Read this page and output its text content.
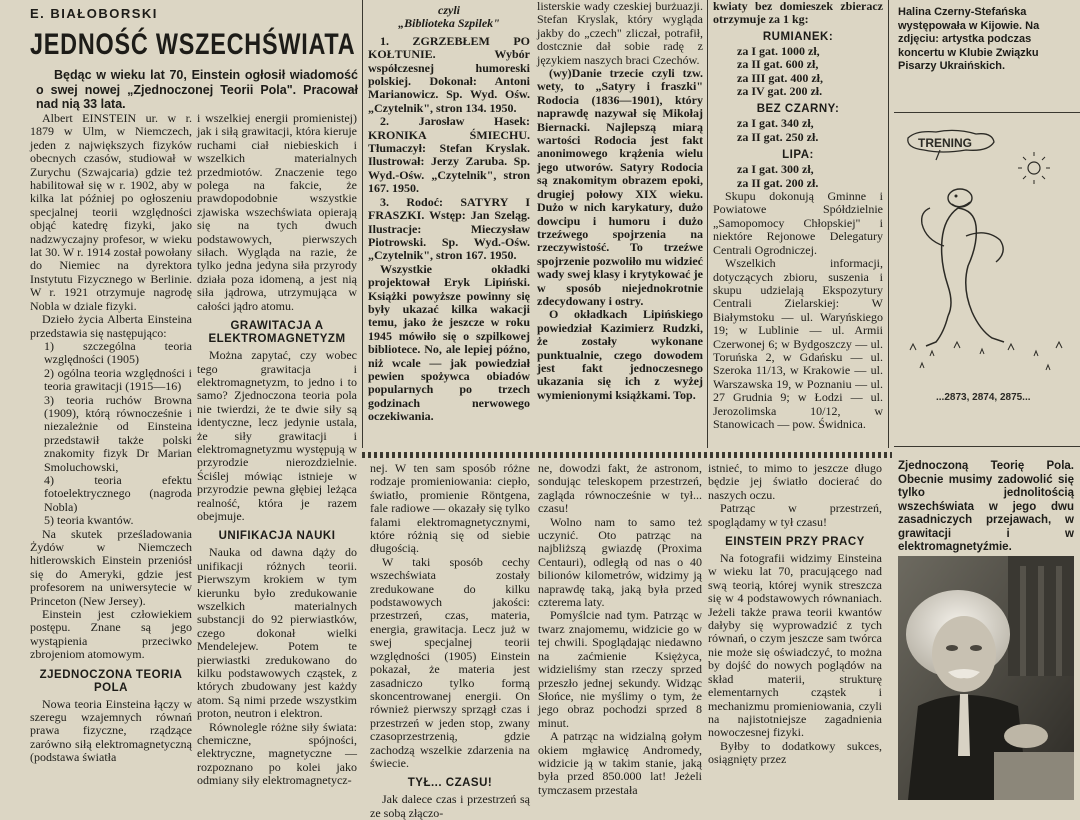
E. BIAŁOBORSKI
JEDNOŚĆ WSZECHŚWIATA
Będąc w wieku lat 70, Einstein ogłosił wiadomość o swej nowej „Zjednoczonej Teorii Pola". Pracował nad nią 33 lata.

Albert EINSTEIN ur. w r. 1879 w Ulm, w Niemczech, jeden z największych fizyków obecnych czasów, studiował w Zurychu (Szwajcaria) gdzie też habilitował się w r. 1902, aby w kilka lat później po ogłoszeniu specjalnej teorii względności objąć katedrę fizyki, jako nadzwyczajny profesor, w wieku lat 30. W r. 1914 został powołany do Niemiec na dyrektora Instytutu Fizycznego w Berlinie. W r. 1921 otrzymuje nagrodę Nobla w dziale fizyki.

Dzieło życia Alberta Einsteina przedstawia się następująco:

1) szczególna teoria względności (1905)

2) ogólna teoria względności i teoria grawitacji (1915—16)

3) teoria ruchów Browna (1909), którą równocześnie i niezależnie od Einsteina przedstawił także polski znakomity fizyk Dr Marian Smoluchowski,

4) teoria efektu fotoelektrycznego (nagroda Nobla)

5) teoria kwantów.

Na skutek prześladowania Żydów w Niemczech hitlerowskich Einstein przeniósł się do Ameryki, gdzie jest profesorem na uniwersytecie w Princeton (New Jersey).

Einstein jest człowiekiem postępu. Znane są jego wystąpienia przeciwko zbrojeniom atomowym.

ZJEDNOCZONA TEORIA POLA

Nowa teoria Einsteina łączy w szeregu wzajemnych równań prawa fizyczne, rządzące zarówno siłą elektromagnetyczną (podstawa światła

i wszelkiej energii promienistej) jak i siłą grawitacji, która kieruje ruchami ciał niebieskich i wszelkich materialnych przedmiotów. Znaczenie tego polega na fakcie, że prawdopodobnie wszystkie zjawiska wszechświata opierają się na tych dwuch podstawowych, pierwszych siłach. Wygląda na razie, że tylko jedna jedyna siła przyrody działa poza idomeną, a jest nią siła jądrowa, utrzymująca w całości jądro atomu.

GRAWITACJA A ELEKTROMAGNETYZM

Można zapytać, czy wobec tego grawitacja i elektromagnetyzm, to jedno i to samo? Zjednoczona teoria pola nie twierdzi, że te dwie siły są identyczne, lecz jedynie ustala, że siły grawitacji i elektromagnetyzmu występują w przyrodzie nierozdzielnie. Ściślej mówiąc istnieje w przyrodzie pewna głębiej leżąca realność, która je razem obejmuje.

UNIFIKACJA NAUKI

Nauka od dawna dąży do unifikacji różnych teorii. Pierwszym krokiem w tym kierunku było zredukowanie wszelkich materialnych substancji do 92 pierwiastków, czego dokonał wielki Mendelejew. Potem te pierwiastki zredukowano do kilku podstawowych cząstek, z których zbudowany jest każdy atom. Są nimi przede wszystkim proton, neutron i elektron.

Równolegle różne siły świata: chemiczne, spójności, elektryczne, magnetyczne — rozpoznano po kolei jako odmiany siły elektromagnetycz-

czyli
„Biblioteka Szpilek"

1. ZGRZEBŁEM PO KOŁTUNIE. Wybór współczesnej humoreski polskiej. Dokonał: Antoni Marianowicz. Sp. Wyd. Ośw. „Czytelnik", stron 134. 1950.

2. Jarosław Hasek: KRONIKA ŚMIECHU. Tłumaczył: Stefan Kryslak. Ilustrował: Jerzy Zaruba. Sp. Wyd.-Ośw. „Czytelnik", stron 167. 1950.

3. Rodoć: SATYRY I FRASZKI. Wstęp: Jan Szeląg. Ilustracje: Mieczysław Piotrowski. Sp. Wyd.-Ośw. „Czytelnik", stron 167. 1950.

Wszystkie okładki projektował Eryk Lipiński. Książki powyższe powinny się były ukazać kilka wakacji temu, jako że jeszcze w roku 1945 mówiło się o szpilkowej bibliotece. No, ale lepiej późno, niż wcale — jak powiedział pewien spożywca obiadów popularnych po trzech godzinach nerwowego oczekiwania.

listerskie wady czeskiej burżuazji. Stefan Kryslak, który wygląda jakby do „czech" zliczał, potrafił, dostcznie dał sobie radę z językiem naszych braci Czechów.

(wy)Danie trzecie czyli tzw. wety, to „Satyry i fraszki" Rodocia (1836—1901), który naprawdę nazywał się Mikołaj Biernacki. Najlepszą miarą wartości Rodocia jest fakt anonimowego krążenia wielu jego utworów. Satyry Rodocia są znakomitym obrazem epoki, drugiej połowy XIX wieku. Dużo w nich karykatury, dużo dowcipu i humoru i dużo trzeźwego spojrzenia na rzeczywistość. To trzeźwe spojrzenie pozwoliło mu widzieć wady swej klasy i krytykować je w sposób niejednokrotnie zdecydowany i ostry.

O okładkach Lipińskiego powiedział Kazimierz Rudzki, że zostały wykonane punktualnie, czego dowodem jest fakt jednoczesnego ukazania się ich z wyżej wymienionymi książkami. Top.

kwiaty bez domieszek zbieracz otrzymuje za 1 kg:

RUMIANEK:
za I gat. 1000 zł,
za II gat. 600 zł,
za III gat. 400 zł,
za IV gat. 200 zł.
BEZ CZARNY:
za I gat. 340 zł,
za II gat. 250 zł.
LIPA:
za I gat. 300 zł,
za II gat. 200 zł.

Skupu dokonują Gminne i Powiatowe Spółdzielnie „Samopomocy Chłopskiej" i niektóre Rejonowe Delegatury Centrali Ogrodniczej.

Wszelkich informacji, dotyczących zbioru, suszenia i skupu udzielają Ekspozytury Centrali Zielarskiej: W Białymstoku — ul. Waryńskiego 19; w Lublinie — ul. Armii Czerwonej 6; w Bydgoszczy — ul. Toruńska 2, w Gdańsku — ul. Szeroka 11/13, w Krakowie — ul. Warszawska 19, w Poznaniu — ul. 27 Grudnia 9; w Łodzi — ul. Jerozolimska 10/12, w Stanowicach — pow. Świdnica.

Halina Czerny-Stefańska występowała w Kijowie. Na zdjęciu: artystka podczas koncertu w Klubie Związku Pisarzy Ukraińskich.

nej. W ten sam sposób różne rodzaje promieniowania: ciepło, światło, promienie Röntgena, fale radiowe — okazały się tylko falami elektromagnetycznymi, które różnią się od siebie długością.

W taki sposób cechy wszechświata zostały zredukowane do kilku podstawowych jakości: przestrzeń, czas, materia, energia, grawitacja. Lecz już w swej specjalnej teorii względności (1905) Einstein pokazał, że materia jest zasadniczo tylko formą skoncentrowanej energii. On również pierwszy sprzągł czas i przestrzeń w jeden stop, zwany czasoprzestrzenią, gdzie zachodzą wszelkie zdarzenia na świecie.

TYŁ... CZASU!

Jak dalece czas i przestrzeń są ze sobą złączo-

ne, dowodzi fakt, że astronom, sondując teleskopem przestrzeń, zagląda równocześnie w tył... czasu!

Wolno nam to samo też uczynić. Oto patrząc na najbliższą gwiazdę (Proxima Centauri), odległą od nas o 40 bilionów kilometrów, widzimy ją naprawdę taką, jaką była przed czterema laty.

Pomyślcie nad tym. Patrząc w twarz znajomemu, widzicie go w tej chwili. Spoglądając niedawno na zaćmienie Księżyca, widzieliśmy stan rzeczy sprzed przeszło jednej sekundy. Widząc Słońce, nie myślimy o tym, że jego obraz pochodzi sprzed 8 minut.

A patrząc na widzialną gołym okiem mgławicę Andromedy, widzicie ją w takim stanie, jaką była przed 850.000 lat! Jeżeli tymczasem przestała

istnieć, to mimo to jeszcze długo będzie jej światło docierać do naszych oczu.

Patrząc w przestrzeń, spoglądamy w tył czasu!

EINSTEIN PRZY PRACY

Na fotografii widzimy Einsteina w wieku lat 70, pracującego nad swą teorią, której wynik streszcza się w 4 podstawowych równaniach. Jeżeli także prawa teorii kwantów dałyby się wyprowadzić z tych równań, o czym jeszcze sam twórca nie może się oświadczyć, to można by dojść do nowych poglądów na skład materii, strukturę elementarnych cząstek i mechanizmu promieniowania, czyli na najistotniejsze zagadnienia nowoczesnej fizyki.

Byłby to dodatkowy sukces, osiągnięty przez

Zjednoczoną Teorię Pola. Obecnie musimy zadowolić się tylko jednolitością wszechświata w jego dwu zasadniczych przejawach, w grawitacji i w elektromagnetyźmie.

TRENING
...2873, 2874, 2875...
